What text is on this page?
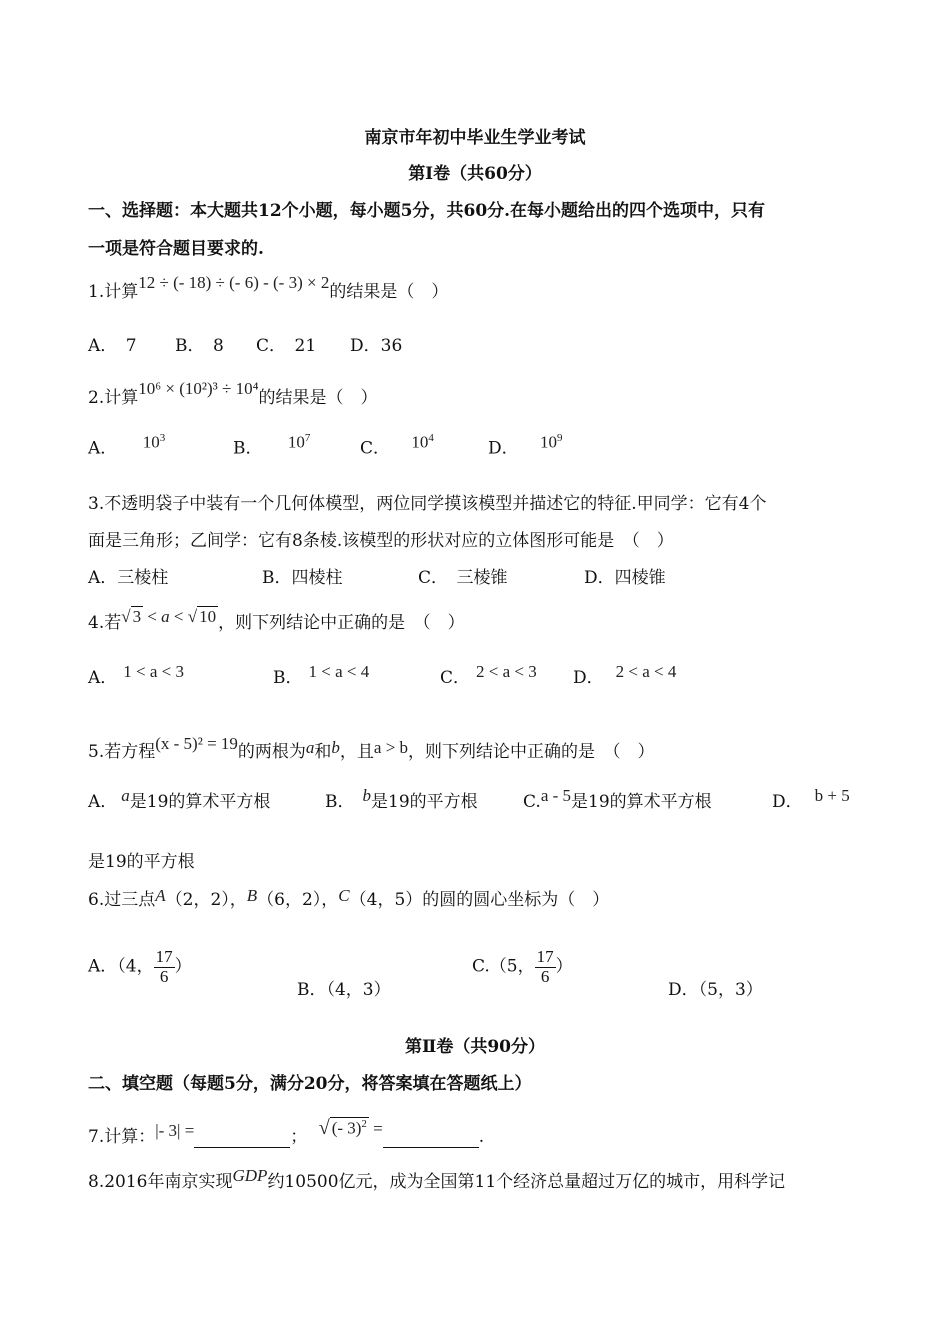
南京市年初中毕业生学业考试
第Ⅰ卷（共60分）
一、选择题：本大题共12个小题，每小题5分，共60分.在每小题给出的四个选项中，只有
一项是符合题目要求的.
1.计算12 ÷ (- 18) ÷ (- 6) - (- 3) × 2的结果是（　）
A．　7 B．　8 C．　21 D．36
2.计算10⁶ × (10²)³ ÷ 10⁴的结果是（　）
A． $10^3$
B． $10^7$
C． $10^4$
D． $10^9$
3.不透明袋子中装有一个几何体模型，两位同学摸该模型并描述它的特征.甲同学：它有4个
面是三角形；乙间学：它有8条棱.该模型的形状对应的立体图形可能是　（　）
A．三棱柱	B．四棱柱	C．　三棱锥	D．四棱锥
4.若√ 3 < a < √ 10 ，则下列结论中正确的是　（　）
A． 1 < a < 3	B． 1 < a < 4	C． 2 < a < 3 D． 2 < a < 4
5.若方程(x - 5)² = 19的两根为a和b，且a > b，则下列结论中正确的是　（　）
A． a是19的算术平方根	B． b是19的平方根	C.a - 5是19的算术平方根	D． b + 5
是19的平方根
6.过三点A（2，2），B（6，2），C（4，5）的圆的圆心坐标为（　）
A．（4， $\frac{17}{6}$ ）
B．（4，3）
C.（5， $\frac{17}{6}$ ）
D．（5，3）
第Ⅱ卷（共90分）
二、填空题（每题5分，满分20分，将答案填在答题纸上）
7.计算：|- 3| =	； √ (- 3)$^2$ =	.
8.2016年南京实现GDP约10500亿元，成为全国第11个经济总量超过万亿的城市，用科学记
